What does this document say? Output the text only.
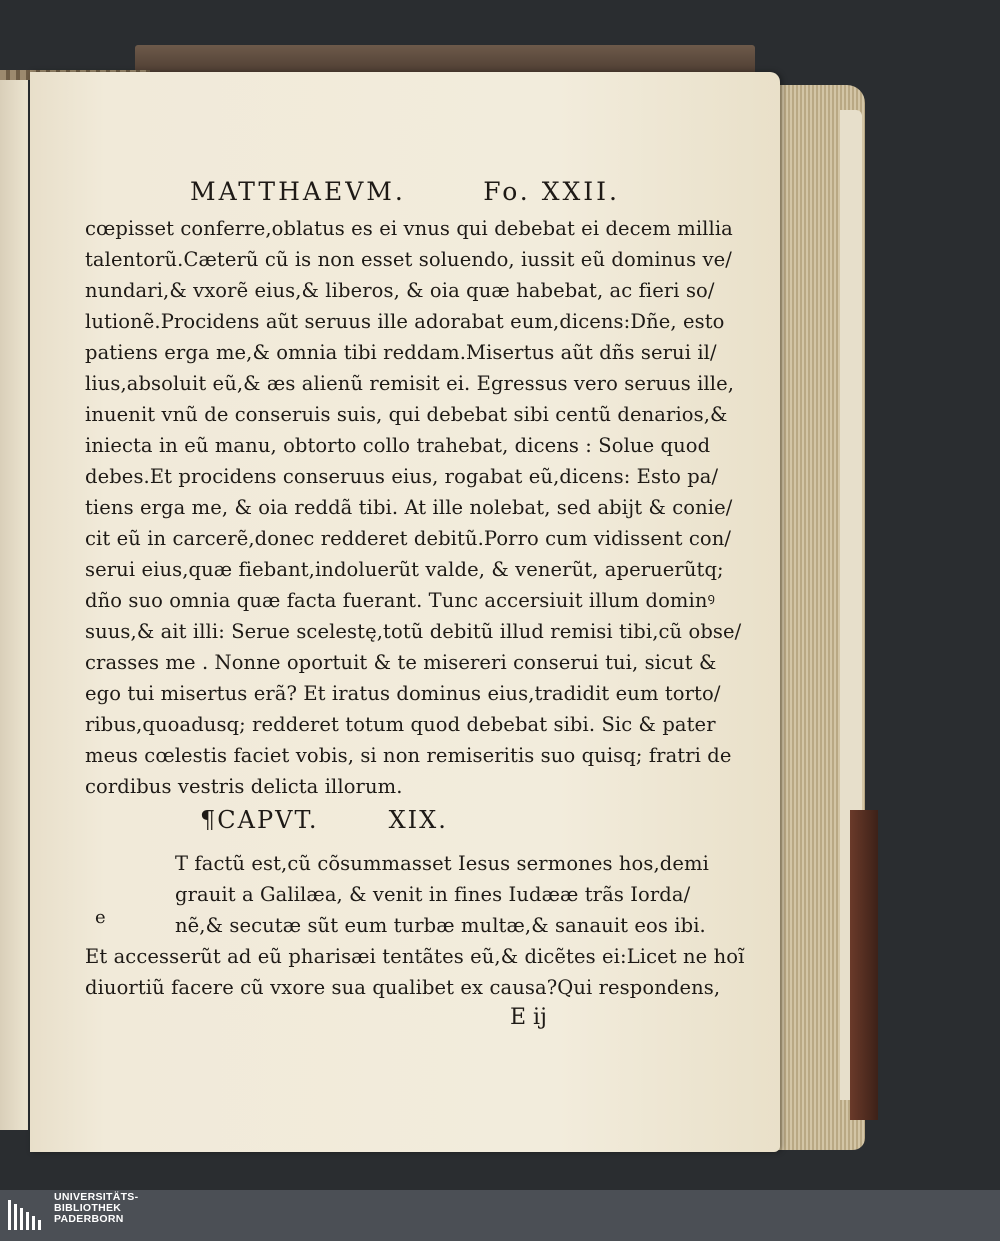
MATTHAEVM.	Fo. XXII.
cœpisset conferre,oblatus es ei vnus qui debebat ei decem millia
talentorũ.Cæterũ cũ is non esset soluendo, iussit eũ dominus ve/
nundari,& vxorẽ eius,& liberos, & oia quæ habebat, ac fieri so/
lutionẽ.Procidens aũt seruus ille adorabat eum,dicens:Dñe, esto
patiens erga me,& omnia tibi reddam.Misertus aũt dñs serui il/
lius,absoluit eũ,& æs alienũ remisit ei. Egressus vero seruus ille,
inuenit vnũ de conseruis suis, qui debebat sibi centũ denarios,&
iniecta in eũ manu, obtorto collo trahebat, dicens : Solue quod
debes.Et procidens conseruus eius, rogabat eũ,dicens: Esto pa/
tiens erga me, & oia reddã tibi. At ille nolebat, sed abijt & conie/
cit eũ in carcerẽ,donec redderet debitũ.Porro cum vidissent con/
serui eius,quæ fiebant,indoluerũt valde, & venerũt, aperuerũtq;
dño suo omnia quæ facta fuerant. Tunc accersiuit illum dominꝰ
suus,& ait illi: Serue scelestę,totũ debitũ illud remisi tibi,cũ obse/
crasses me . Nonne oportuit & te misereri conserui tui, sicut &
ego tui misertus erã? Et iratus dominus eius,tradidit eum torto/
ribus,quoadusq; redderet totum quod debebat sibi. Sic & pater
meus cœlestis faciet vobis, si non remiseritis suo quisq; fratri de
cordibus vestris delicta illorum.
¶CAPVT.	XIX.
T factũ est,cũ cõsummasset Iesus sermones hos,demi
grauit a Galilæa, & venit in fines Iudææ trãs Iorda/
nẽ,& secutæ sũt eum turbæ multæ,& sanauit eos ibi.
Et accesserũt ad eũ pharisæi tentãtes eũ,& dicẽtes ei:Licet ne hoĩ
diuortiũ facere cũ vxore sua qualibet ex causa?Qui respondens,
E ij
e
UNIVERSITÄTS-
BIBLIOTHEK
PADERBORN
